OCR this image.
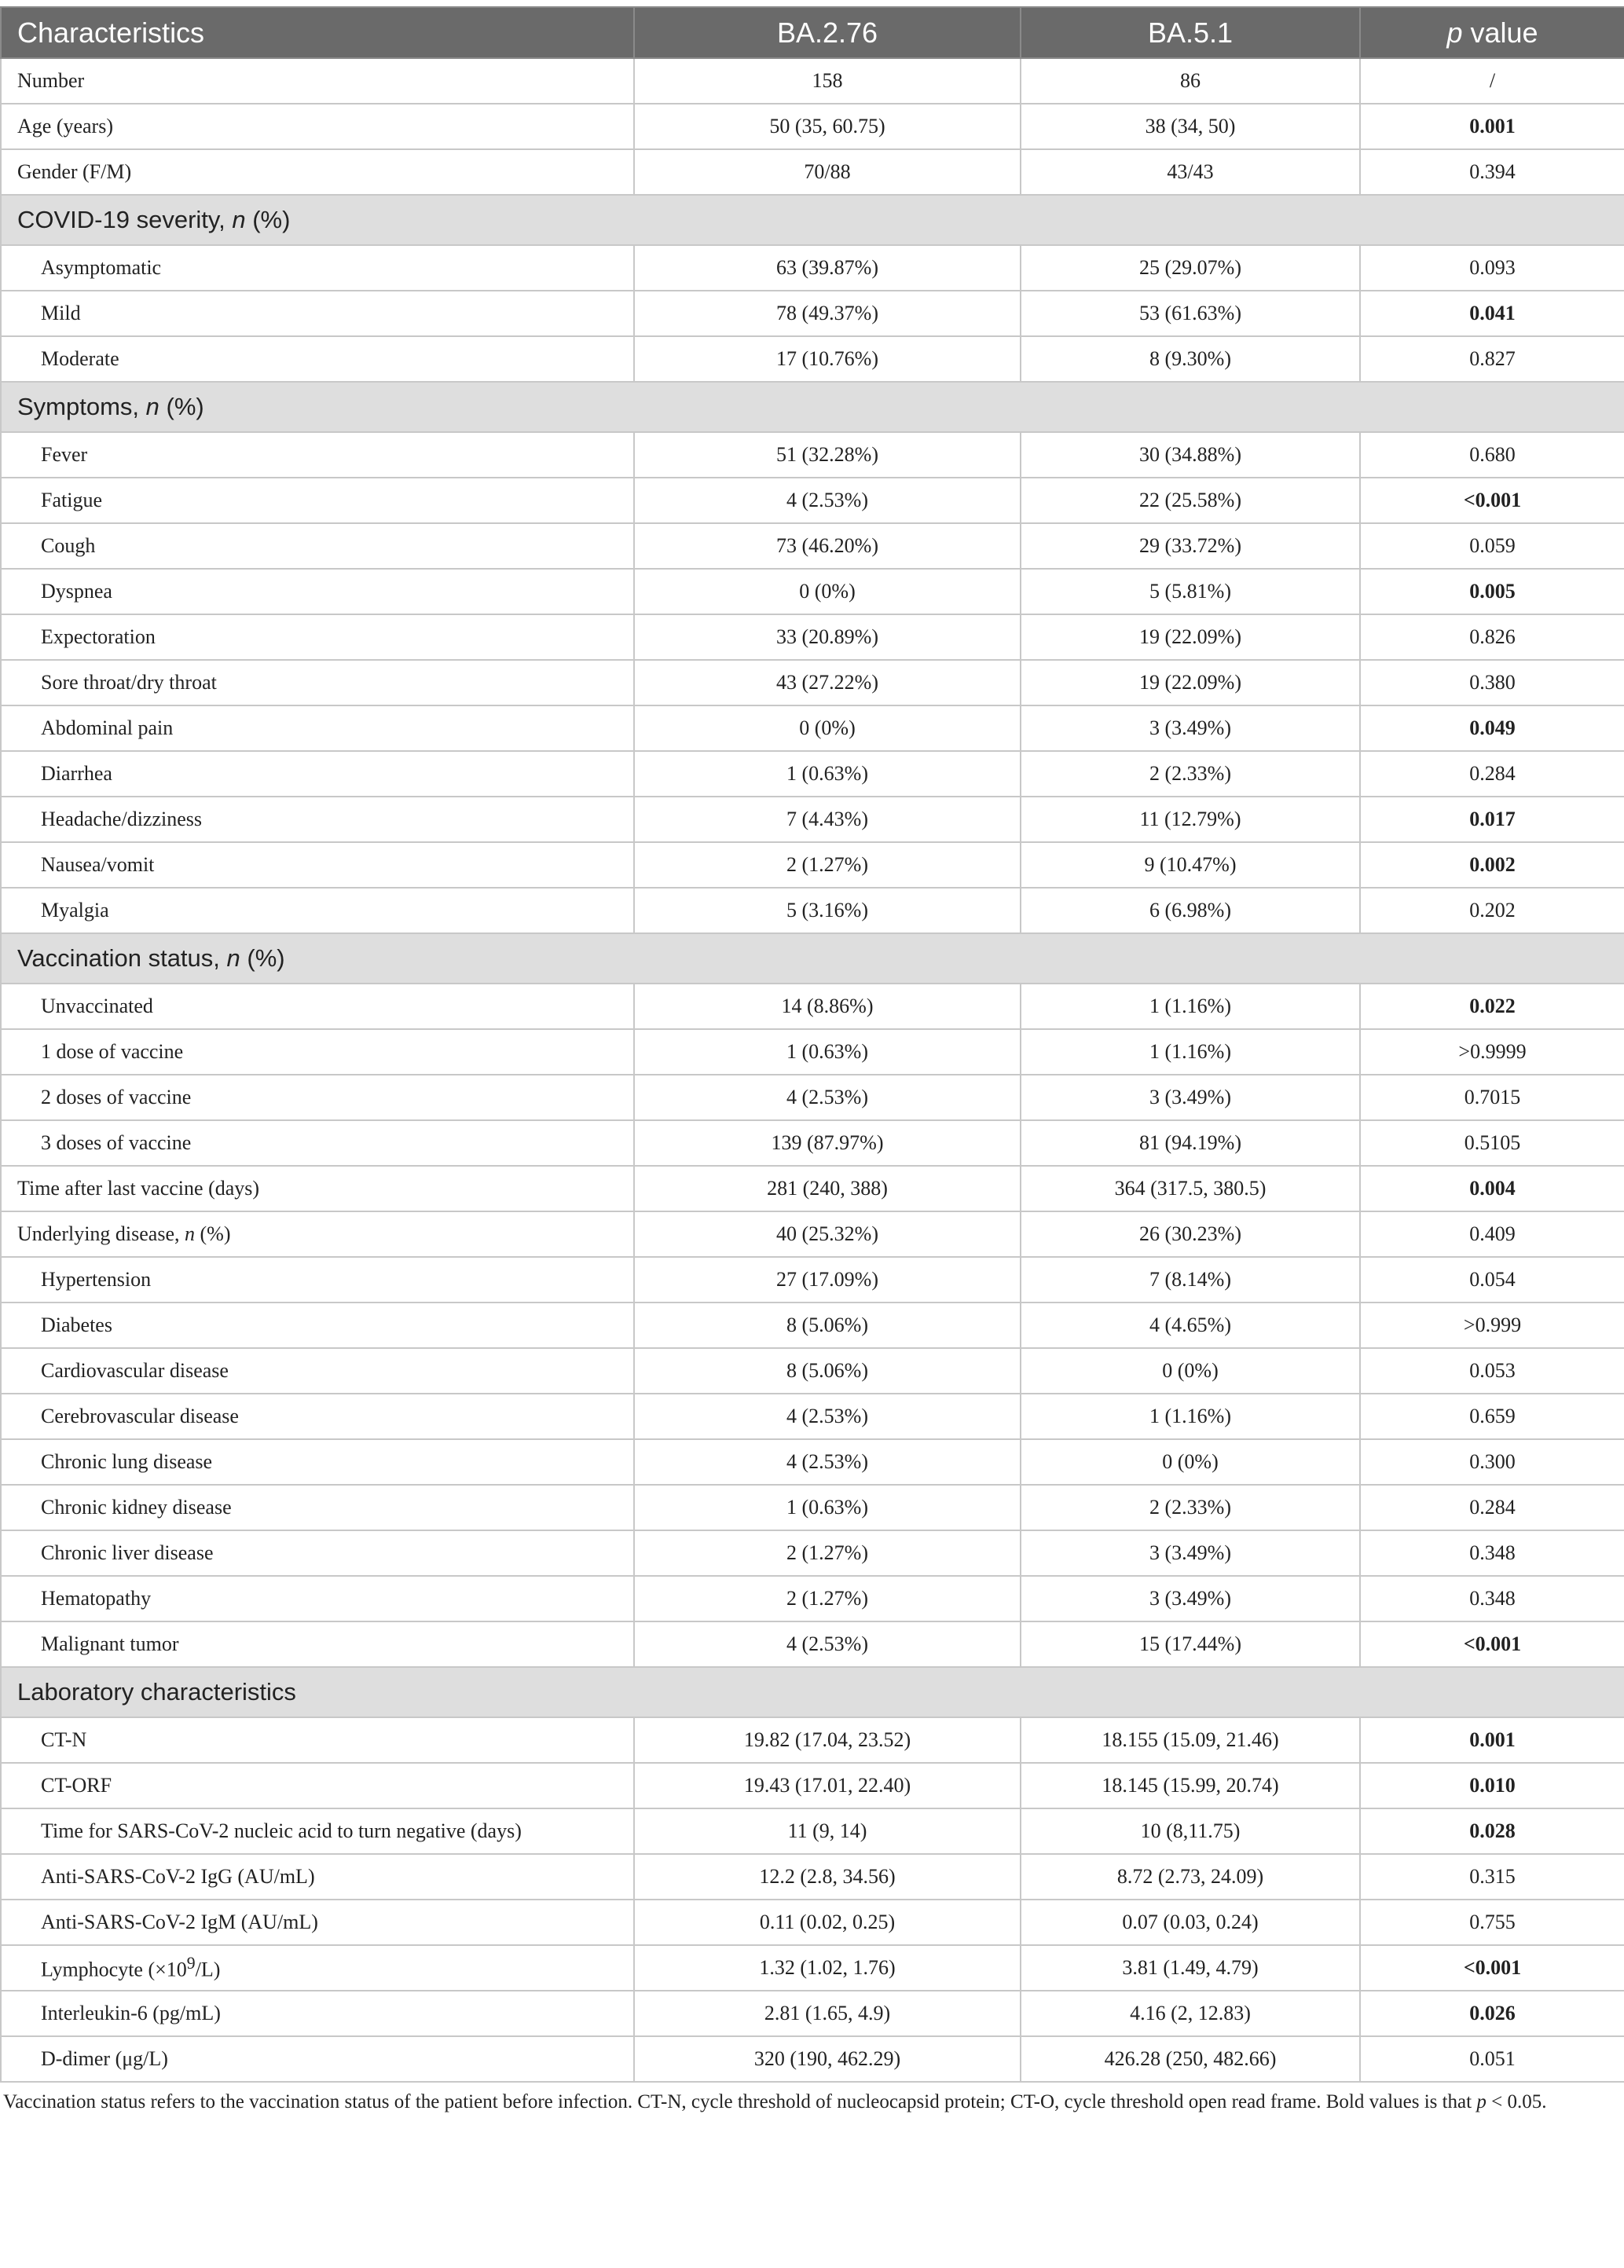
Characteristics	BA.2.76	BA.5.1	p value
Number	158	86	/
Age (years)	50 (35, 60.75)	38 (34, 50)	0.001
Gender (F/M)	70/88	43/43	0.394
COVID-19 severity, n (%)			
Asymptomatic	63 (39.87%)	25 (29.07%)	0.093
Mild	78 (49.37%)	53 (61.63%)	0.041
Moderate	17 (10.76%)	8 (9.30%)	0.827
Symptoms, n (%)			
Fever	51 (32.28%)	30 (34.88%)	0.680
Fatigue	4 (2.53%)	22 (25.58%)	<0.001
Cough	73 (46.20%)	29 (33.72%)	0.059
Dyspnea	0 (0%)	5 (5.81%)	0.005
Expectoration	33 (20.89%)	19 (22.09%)	0.826
Sore throat/dry throat	43 (27.22%)	19 (22.09%)	0.380
Abdominal pain	0 (0%)	3 (3.49%)	0.049
Diarrhea	1 (0.63%)	2 (2.33%)	0.284
Headache/dizziness	7 (4.43%)	11 (12.79%)	0.017
Nausea/vomit	2 (1.27%)	9 (10.47%)	0.002
Myalgia	5 (3.16%)	6 (6.98%)	0.202
Vaccination status, n (%)			
Unvaccinated	14 (8.86%)	1 (1.16%)	0.022
1 dose of vaccine	1 (0.63%)	1 (1.16%)	>0.9999
2 doses of vaccine	4 (2.53%)	3 (3.49%)	0.7015
3 doses of vaccine	139 (87.97%)	81 (94.19%)	0.5105
Time after last vaccine (days)	281 (240, 388)	364 (317.5, 380.5)	0.004
Underlying disease, n (%)	40 (25.32%)	26 (30.23%)	0.409
Hypertension	27 (17.09%)	7 (8.14%)	0.054
Diabetes	8 (5.06%)	4 (4.65%)	>0.999
Cardiovascular disease	8 (5.06%)	0 (0%)	0.053
Cerebrovascular disease	4 (2.53%)	1 (1.16%)	0.659
Chronic lung disease	4 (2.53%)	0 (0%)	0.300
Chronic kidney disease	1 (0.63%)	2 (2.33%)	0.284
Chronic liver disease	2 (1.27%)	3 (3.49%)	0.348
Hematopathy	2 (1.27%)	3 (3.49%)	0.348
Malignant tumor	4 (2.53%)	15 (17.44%)	<0.001
Laboratory characteristics			
CT-N	19.82 (17.04, 23.52)	18.155 (15.09, 21.46)	0.001
CT-ORF	19.43 (17.01, 22.40)	18.145 (15.99, 20.74)	0.010
Time for SARS-CoV-2 nucleic acid to turn negative (days)	11 (9, 14)	10 (8,11.75)	0.028
Anti-SARS-CoV-2 IgG (AU/mL)	12.2 (2.8, 34.56)	8.72 (2.73, 24.09)	0.315
Anti-SARS-CoV-2 IgM (AU/mL)	0.11 (0.02, 0.25)	0.07 (0.03, 0.24)	0.755
Lymphocyte $(\times 10^9/L)$	1.32 (1.02, 1.76)	3.81 (1.49, 4.79)	<0.001
Interleukin-6 (pg/mL)	2.81 (1.65, 4.9)	4.16 (2, 12.83)	0.026
D-dimer (μg/L)	320 (190, 462.29)	426.28 (250, 482.66)	0.051
Vaccination status refers to the vaccination status of the patient before infection. CT-N, cycle threshold of nucleocapsid protein; CT-O, cycle threshold open read frame. Bold values is that p < 0.05.
